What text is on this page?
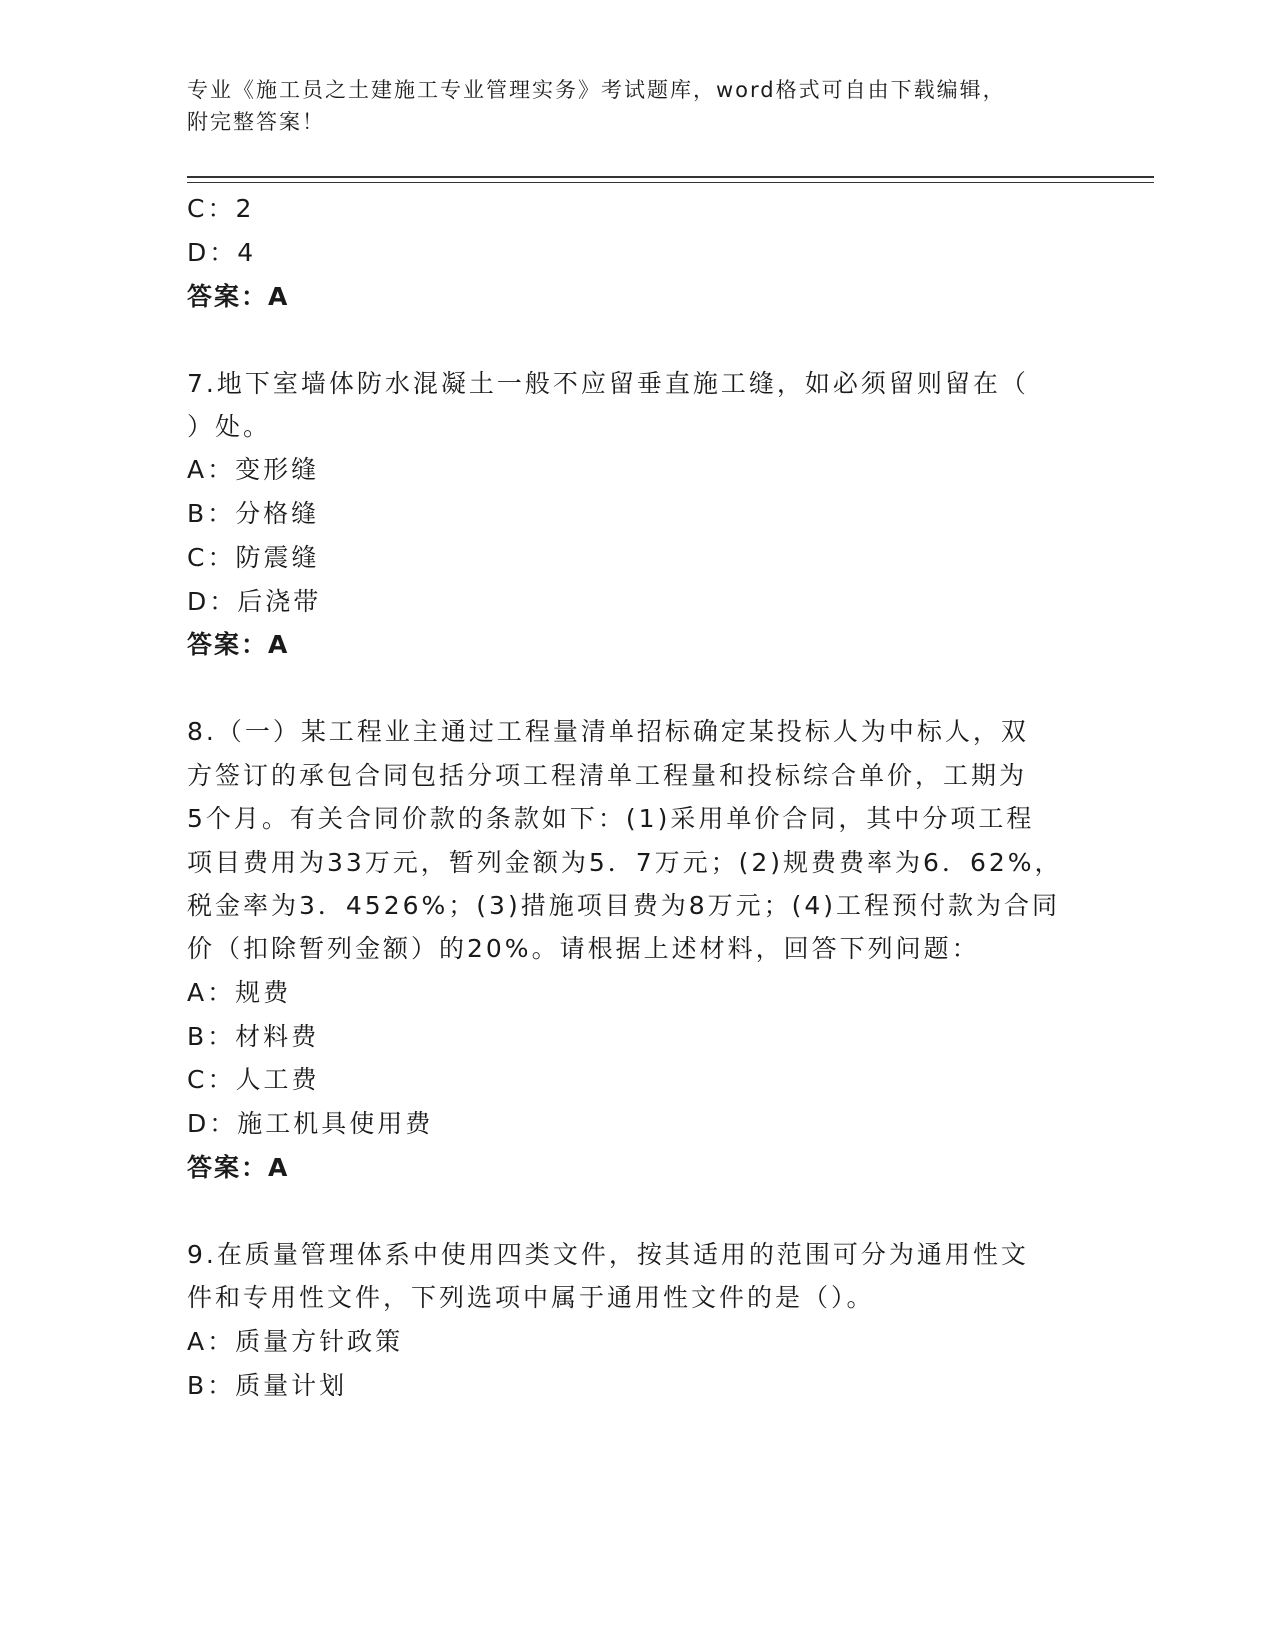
专业《施工员之土建施工专业管理实务》考试题库，word格式可自由下载编辑，
附完整答案！
C：2
D：4
答案：A
7.地下室墙体防水混凝土一般不应留垂直施工缝，如必须留则留在（
）处。
A：变形缝
B：分格缝
C：防震缝
D：后浇带
答案：A
8.（一）某工程业主通过工程量清单招标确定某投标人为中标人，双
方签订的承包合同包括分项工程清单工程量和投标综合单价，工期为
5个月。有关合同价款的条款如下：(1)采用单价合同，其中分项工程
项目费用为33万元，暂列金额为5．7万元；(2)规费费率为6．62%，
税金率为3．4526%；(3)措施项目费为8万元；(4)工程预付款为合同
价（扣除暂列金额）的20%。请根据上述材料，回答下列问题：
A：规费
B：材料费
C：人工费
D：施工机具使用费
答案：A
9.在质量管理体系中使用四类文件，按其适用的范围可分为通用性文
件和专用性文件，下列选项中属于通用性文件的是（）。
A：质量方针政策
B：质量计划
